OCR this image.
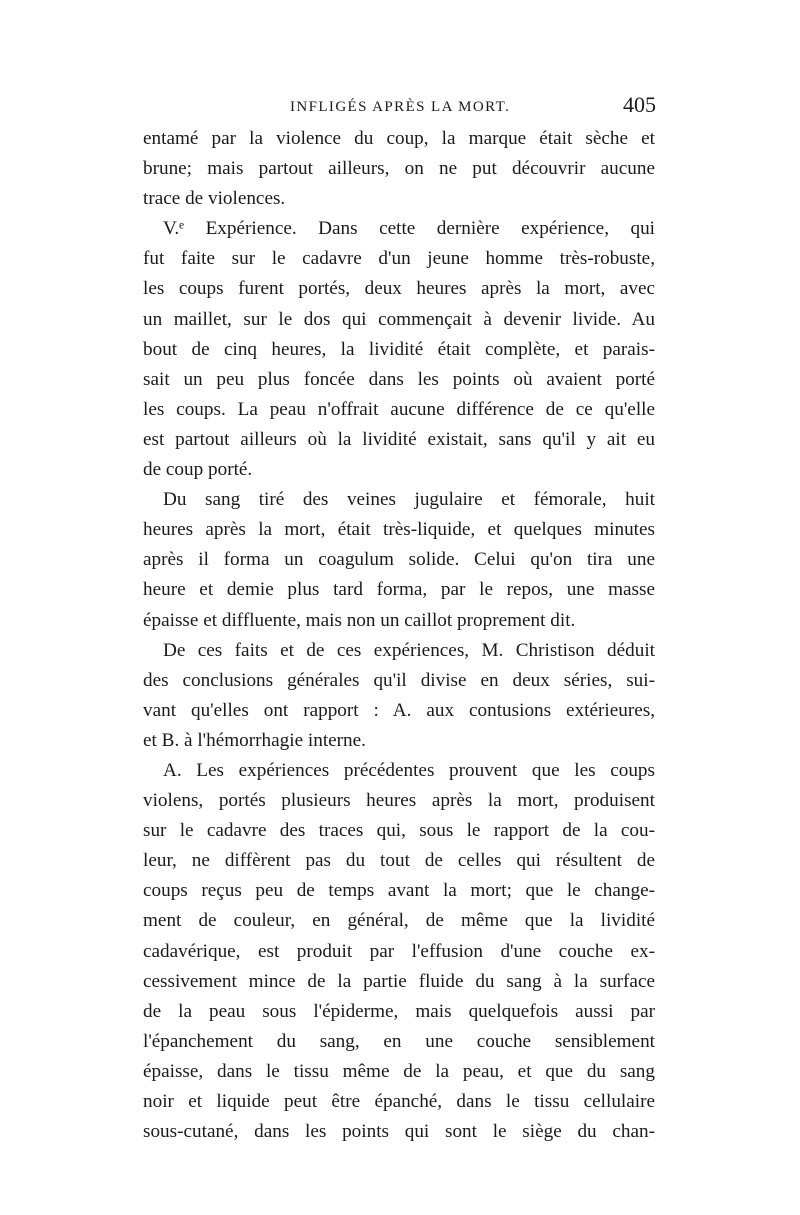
INFLIGÉS APRÈS LA MORT.	405
entamé par la violence du coup, la marque était sèche et
brune; mais partout ailleurs, on ne put découvrir aucune
trace de violences.
V.ᵉ Expérience. Dans cette dernière expérience, qui
fut faite sur le cadavre d'un jeune homme très-robuste,
les coups furent portés, deux heures après la mort, avec
un maillet, sur le dos qui commençait à devenir livide. Au
bout de cinq heures, la lividité était complète, et parais-
sait un peu plus foncée dans les points où avaient porté
les coups. La peau n'offrait aucune différence de ce qu'elle
est partout ailleurs où la lividité existait, sans qu'il y ait eu
de coup porté.
Du sang tiré des veines jugulaire et fémorale, huit
heures après la mort, était très-liquide, et quelques minutes
après il forma un coagulum solide. Celui qu'on tira une
heure et demie plus tard forma, par le repos, une masse
épaisse et diffluente, mais non un caillot proprement dit.
De ces faits et de ces expériences, M. Christison déduit
des conclusions générales qu'il divise en deux séries, sui-
vant qu'elles ont rapport : A. aux contusions extérieures,
et B. à l'hémorrhagie interne.
A. Les expériences précédentes prouvent que les coups
violens, portés plusieurs heures après la mort, produisent
sur le cadavre des traces qui, sous le rapport de la cou-
leur, ne diffèrent pas du tout de celles qui résultent de
coups reçus peu de temps avant la mort; que le change-
ment de couleur, en général, de même que la lividité
cadavérique, est produit par l'effusion d'une couche ex-
cessivement mince de la partie fluide du sang à la surface
de la peau sous l'épiderme, mais quelquefois aussi par
l'épanchement du sang, en une couche sensiblement
épaisse, dans le tissu même de la peau, et que du sang
noir et liquide peut être épanché, dans le tissu cellulaire
sous-cutané, dans les points qui sont le siège du chan-
